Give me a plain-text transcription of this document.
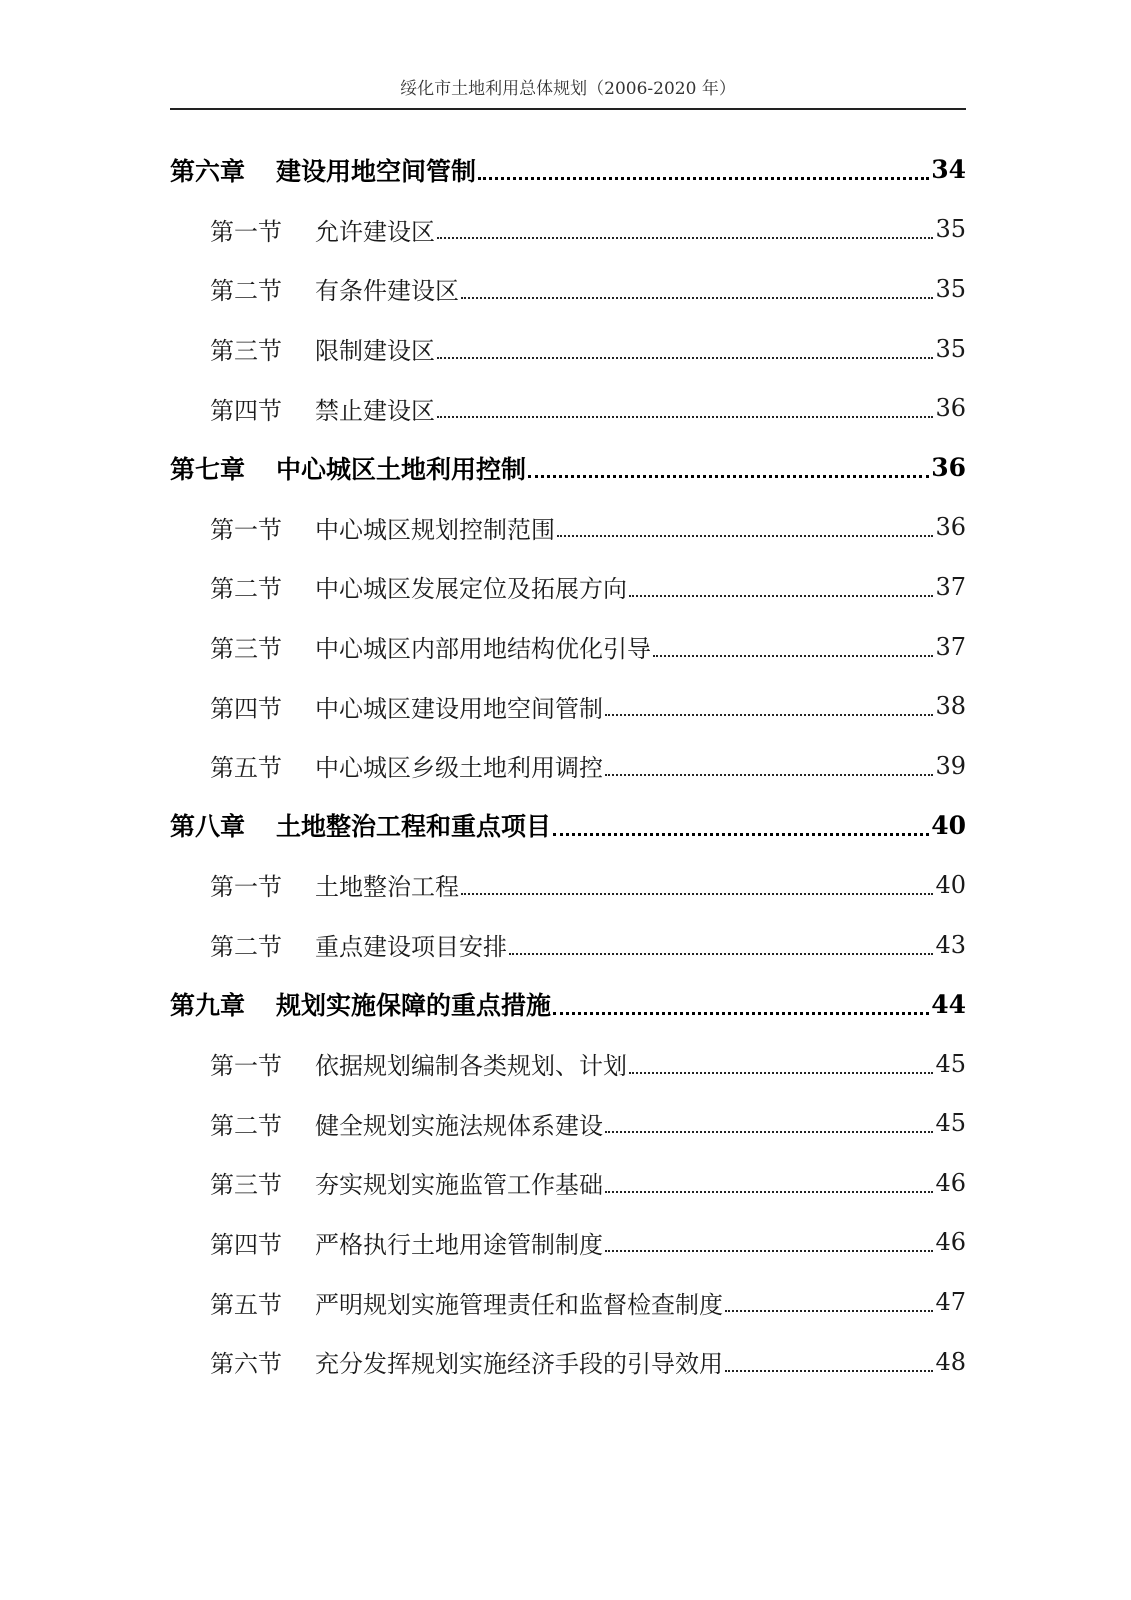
绥化市土地利用总体规划（2006-2020 年）
第六章	建设用地空间管制	34
第一节	允许建设区	35
第二节	有条件建设区	35
第三节	限制建设区	35
第四节	禁止建设区	36
第七章	中心城区土地利用控制	36
第一节	中心城区规划控制范围	36
第二节	中心城区发展定位及拓展方向	37
第三节	中心城区内部用地结构优化引导	37
第四节	中心城区建设用地空间管制	38
第五节	中心城区乡级土地利用调控	39
第八章	土地整治工程和重点项目	40
第一节	土地整治工程	40
第二节	重点建设项目安排	43
第九章	规划实施保障的重点措施	44
第一节	依据规划编制各类规划、计划	45
第二节	健全规划实施法规体系建设	45
第三节	夯实规划实施监管工作基础	46
第四节	严格执行土地用途管制制度	46
第五节	严明规划实施管理责任和监督检查制度	47
第六节	充分发挥规划实施经济手段的引导效用	48
